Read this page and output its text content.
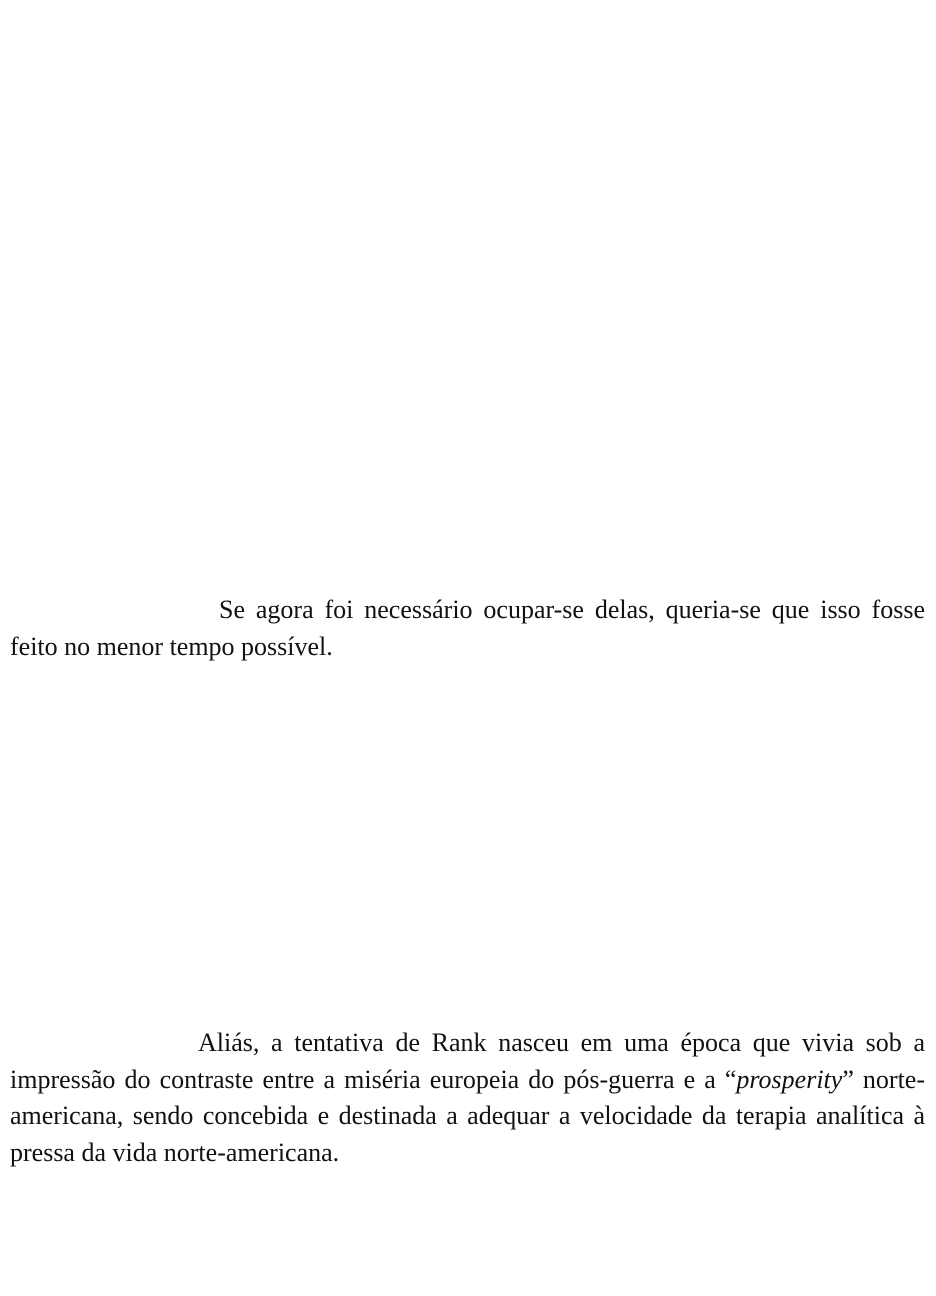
Se agora foi necessário ocupar-se delas, queria-se que isso fosse feito no menor tempo possível.

Aliás, a tentativa de Rank nasceu em uma época que vivia sob a impressão do contraste entre a miséria europeia do pós-guerra e a “prosperity” norte-americana, sendo concebida e destinada a adequar a velocidade da terapia analítica à pressa da vida norte-americana.
